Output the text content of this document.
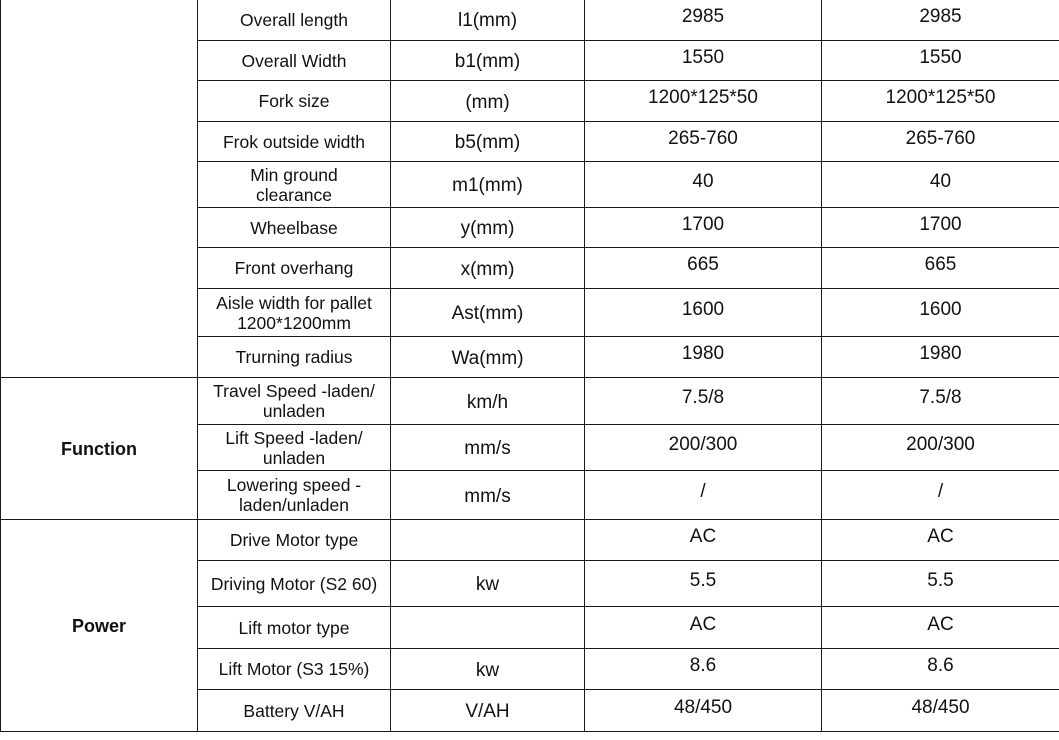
	Overall length	l1(mm)	2985	2985
	Overall Width	b1(mm)	1550	1550
	Fork size	(mm)	1200*125*50	1200*125*50
	Frok outside width	b5(mm)	265-760	265-760
	Min ground clearance	m1(mm)	40	40
	Wheelbase	y(mm)	1700	1700
	Front overhang	x(mm)	665	665
	Aisle width for pallet 1200*1200mm	Ast(mm)	1600	1600
	Trurning radius	Wa(mm)	1980	1980
Function	Travel Speed -laden/ unladen	km/h	7.5/8	7.5/8
	Lift Speed -laden/ unladen	mm/s	200/300	200/300
	Lowering speed -laden/unladen	mm/s	/	/
Power	Drive Motor type		AC	AC
	Driving Motor (S2 60)	kw	5.5	5.5
	Lift motor type		AC	AC
	Lift Motor (S3 15%)	kw	8.6	8.6
	Battery V/AH	V/AH	48/450	48/450
